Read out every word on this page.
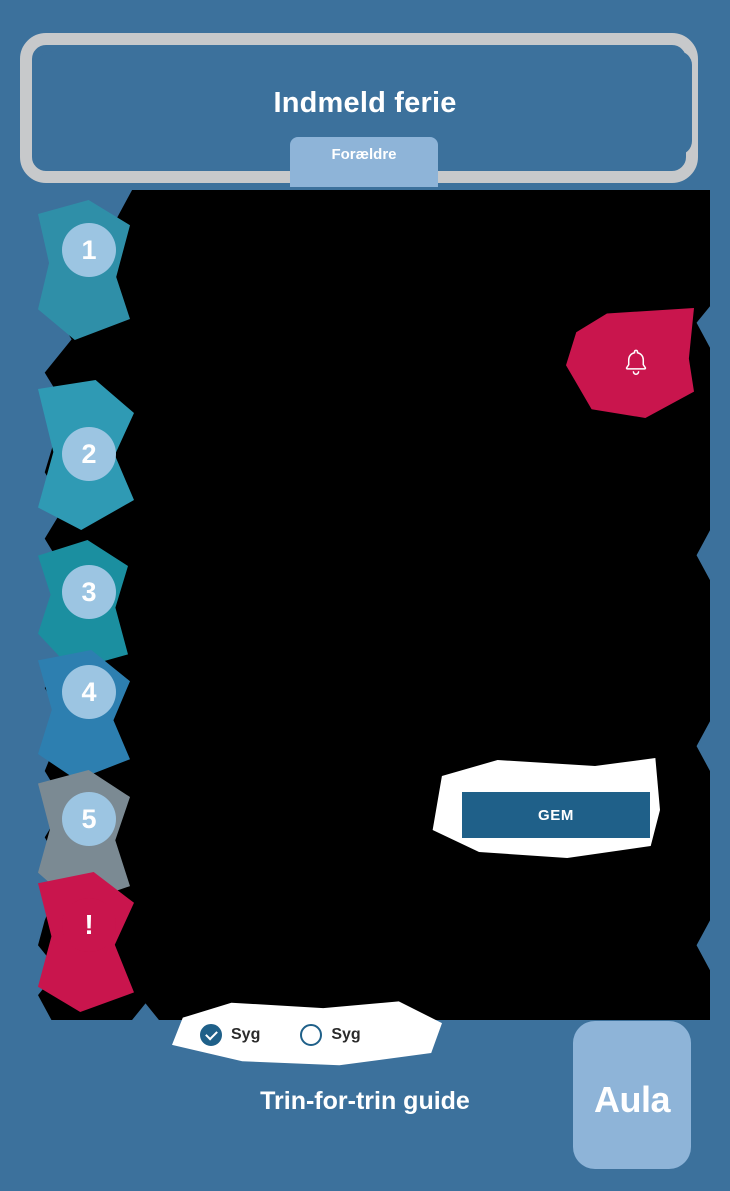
Indmeld ferie
Forældre
1
2
3
4
5
!
GEM
Syg	Syg
Trin-for-trin guide	Aula
